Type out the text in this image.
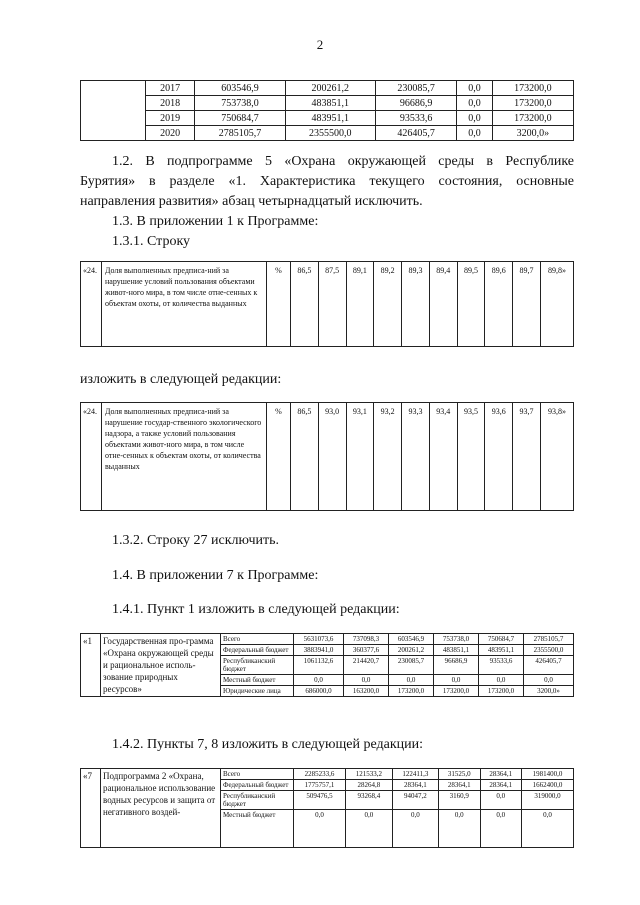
2
	2017	603546,9	200261,2	230085,7	0,0	173200,0
	2018	753738,0	483851,1	96686,9	0,0	173200,0
	2019	750684,7	483951,1	93533,6	0,0	173200,0
	2020	2785105,7	2355500,0	426405,7	0,0	3200,0»
1.2. В подпрограмме 5 «Охрана окружающей среды в Республике
Бурятия» в разделе «1. Характеристика текущего состояния, основные
направления развития» абзац четырнадцатый исключить.
1.3. В приложении 1 к Программе:
1.3.1. Строку
«24.	Доля выполненных предписа-ний за нарушение условий пользования объектами живот-ного мира, в том числе отне-сенных к объектам охоты, от количества выданных	%	86,5	87,5	89,1	89,2	89,3	89,4	89,5	89,6	89,7	89,8»
изложить в следующей редакции:
«24.	Доля выполненных предписа-ний за нарушение государ-ственного экологического надзора, а также условий пользования объектами живот-ного мира, в том числе отне-сенных к объектам охоты, от количества выданных	%	86,5	93,0	93,1	93,2	93,3	93,4	93,5	93,6	93,7	93,8»
1.3.2. Строку 27 исключить.
1.4. В приложении 7 к Программе:
1.4.1. Пункт 1 изложить в следующей редакции:
«1	Государственная про-грамма «Охрана окружающей среды и рациональное исполь-зование природных ресурсов»	Всего	5631073,6	737098,3	603546,9	753738,0	750684,7	2785105,7
		Федеральный бюджет	3883941,0	360377,6	200261,2	483851,1	483951,1	2355500,0
		Республиканский бюджет	1061132,6	214420,7	230085,7	96686,9	93533,6	426405,7
		Местный бюджет	0,0	0,0	0,0	0,0	0,0	0,0
		Юридические лица	686000,0	163200,0	173200,0	173200,0	173200,0	3200,0»
1.4.2. Пункты 7, 8 изложить в следующей редакции:
«7	Подпрограмма 2 «Охрана, рациональное использование водных ресурсов и защита от негативного воздей-	Всего	2285233,6	121533,2	122411,3	31525,0	28364,1	1981400,0
		Федеральный бюджет	1775757,1	28264,8	28364,1	28364,1	28364,1	1662400,0
		Республиканский бюджет	509476,5	93268,4	94047,2	3160,9	0,0	319000,0
		Местный бюджет	0,0	0,0	0,0	0,0	0,0	0,0
